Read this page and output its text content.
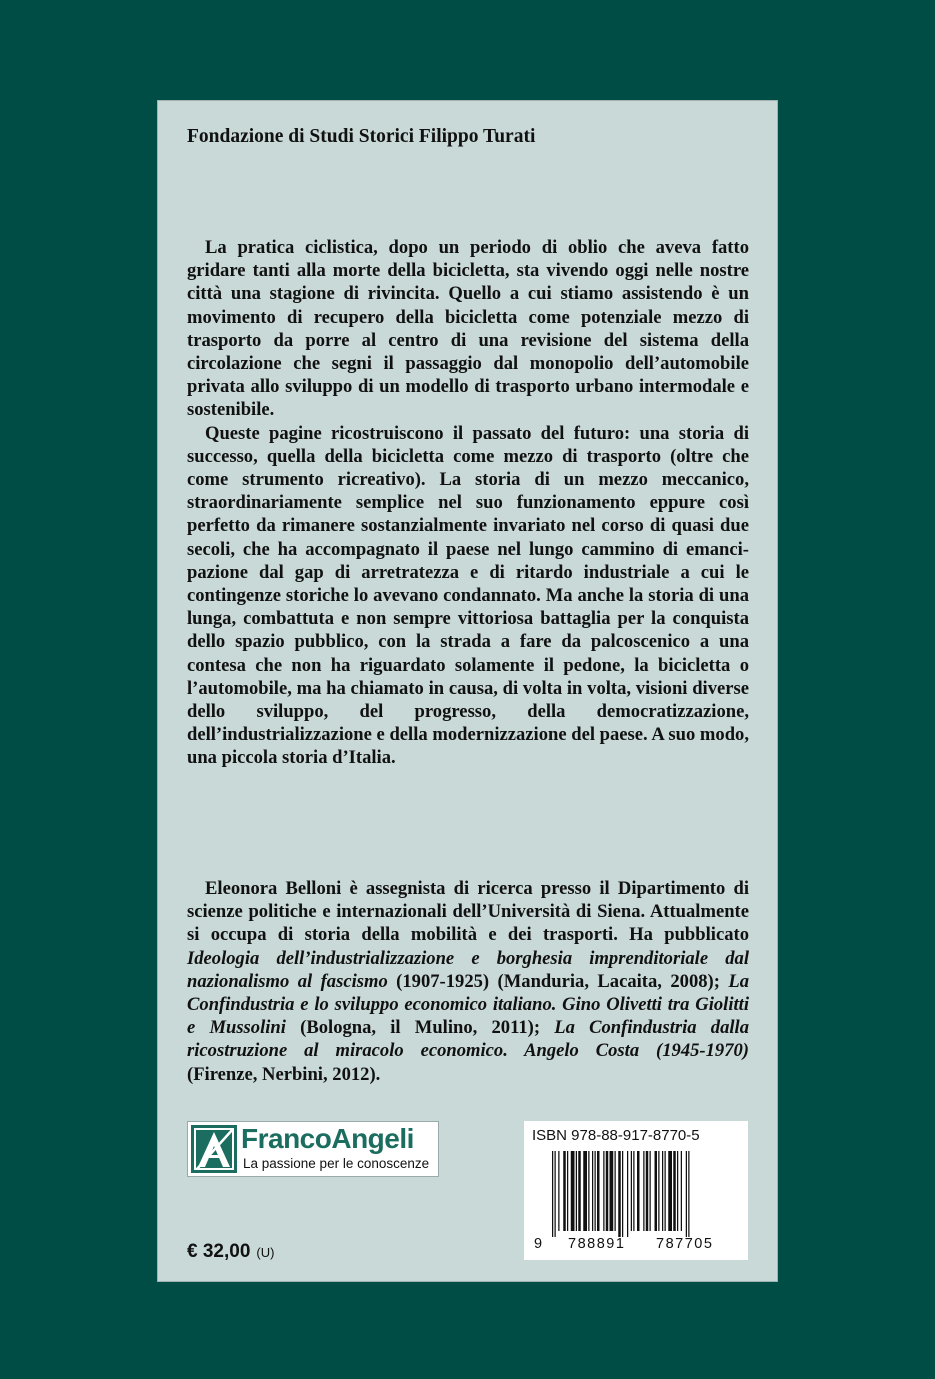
Fondazione di Studi Storici Filippo Turati

La pratica ciclistica, dopo un periodo di oblio che aveva fatto gridare tanti alla morte della bicicletta, sta vivendo oggi nelle nostre città una stagione di rivincita. Quello a cui stiamo assistendo è un movimento di recupero della bicicletta come potenziale mezzo di trasporto da porre al centro di una revisione del sistema della circolazione che segni il passaggio dal monopolio dell’automobile privata allo sviluppo di un modello di trasporto urbano intermodale e sostenibile.

Queste pagine ricostruiscono il passato del futuro: una storia di successo, quella della bicicletta come mezzo di trasporto (oltre che come strumento ricreativo). La storia di un mezzo meccanico, straordinariamente semplice nel suo funzionamento eppure così perfetto da rimanere sostanzialmente invariato nel corso di quasi due secoli, che ha accompagnato il paese nel lungo cammino di emancipazione dal gap di arretratezza e di ritardo industriale a cui le contingenze storiche lo avevano condannato. Ma anche la storia di una lunga, combattuta e non sempre vittoriosa battaglia per la conquista dello spazio pubblico, con la strada a fare da palcoscenico a una contesa che non ha riguardato solamente il pedone, la bicicletta o l’automobile, ma ha chiamato in causa, di volta in volta, visioni diverse dello sviluppo, del progresso, della democratizzazione, dell’industrializzazione e della modernizzazione del paese. A suo modo, una piccola storia d’Italia.

Eleonora Belloni è assegnista di ricerca presso il Dipartimento di scienze politiche e internazionali dell’Università di Siena. Attualmente si occupa di storia della mobilità e dei trasporti. Ha pubblicato Ideologia dell’industrializzazione e borghesia imprenditoriale dal nazionalismo al fascismo (1907-1925) (Manduria, Lacaita, 2008); La Confindustria e lo sviluppo economico italiano. Gino Olivetti tra Giolitti e Mussolini (Bologna, il Mulino, 2011); La Confindustria dalla ricostruzione al miracolo economico. Angelo Costa (1945-1970) (Firenze, Nerbini, 2012).

FrancoAngeli
La passione per le conoscenze
ISBN 978-88-917-8770-5
9 788891 787705
€ 32,00 (U)
